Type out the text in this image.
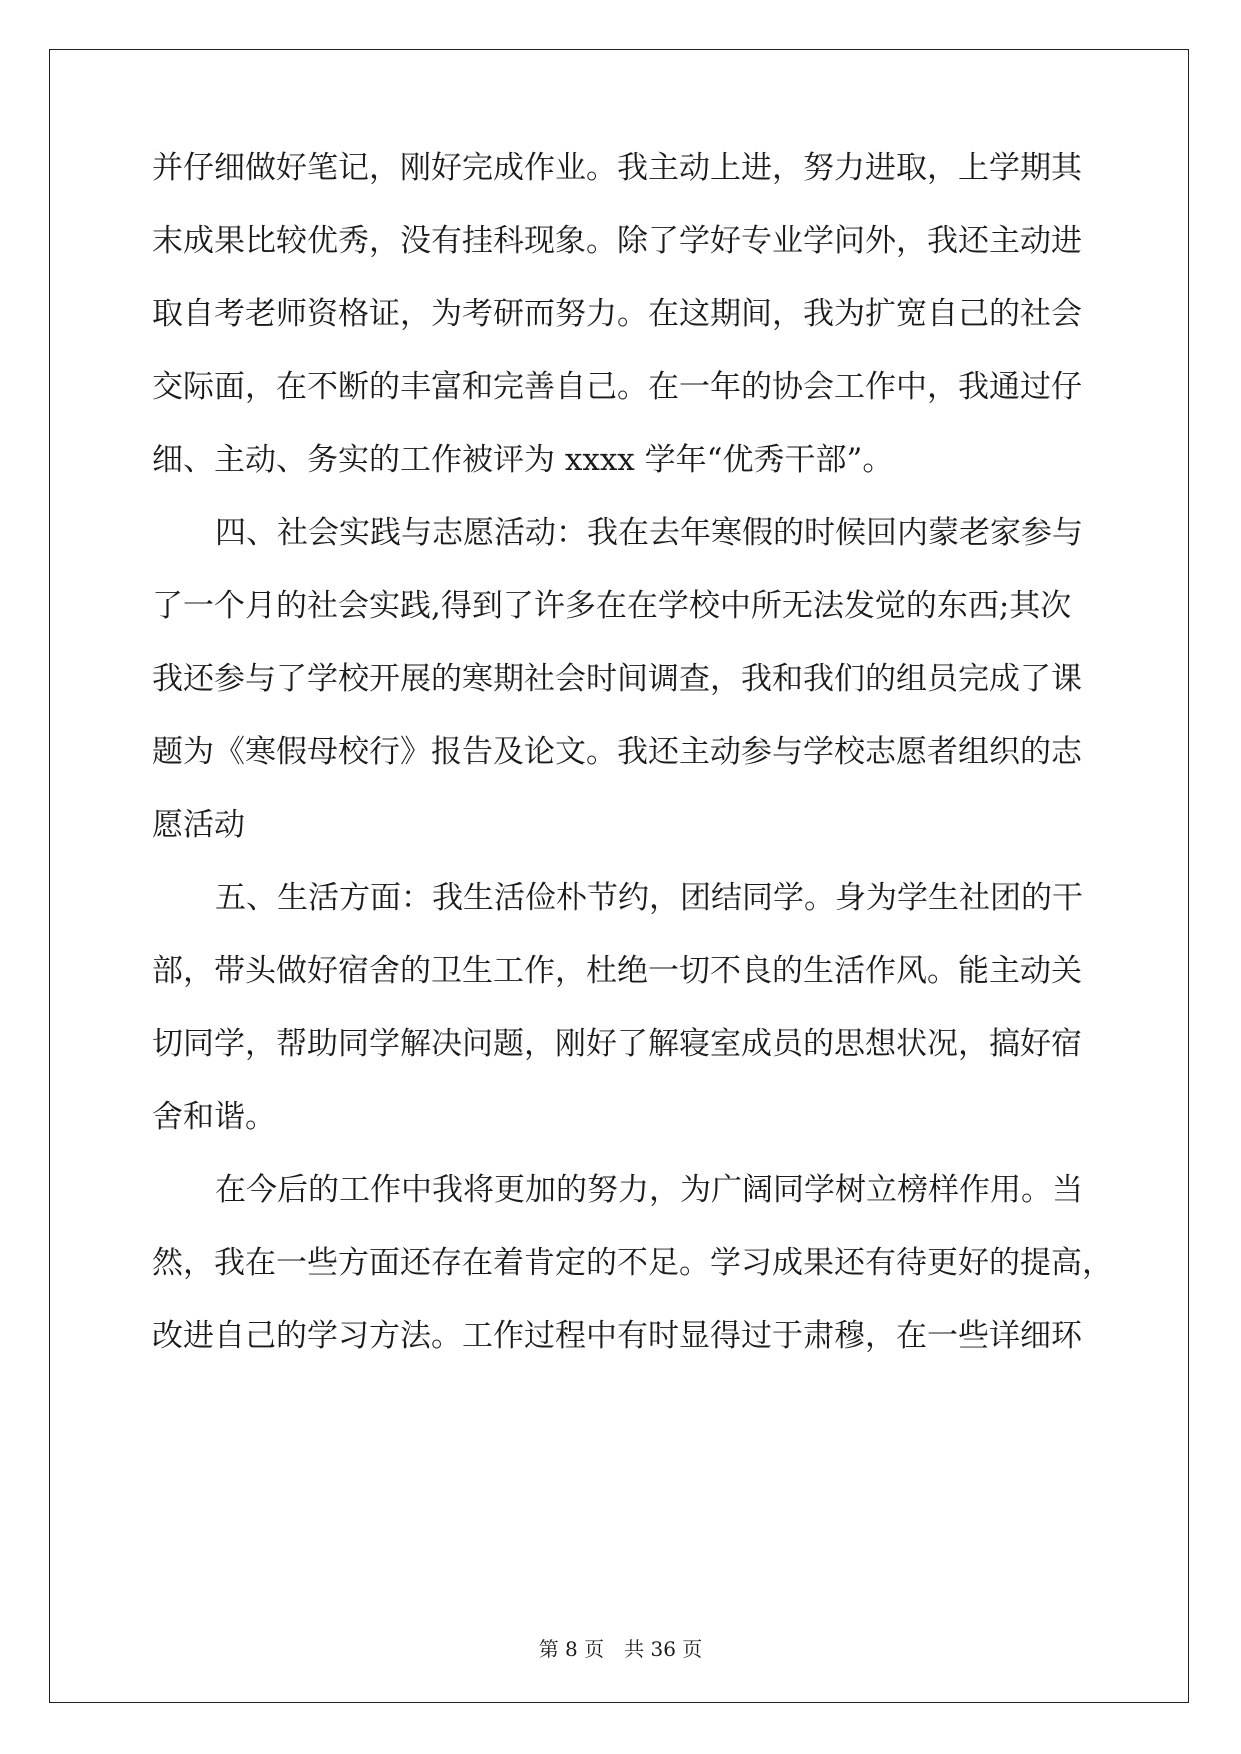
并仔细做好笔记，刚好完成作业。我主动上进，努力进取，上学期其
末成果比较优秀，没有挂科现象。除了学好专业学问外，我还主动进
取自考老师资格证，为考研而努力。在这期间，我为扩宽自己的社会
交际面，在不断的丰富和完善自己。在一年的协会工作中，我通过仔
细、主动、务实的工作被评为 xxxx 学年“优秀干部”。
四、社会实践与志愿活动：我在去年寒假的时候回内蒙老家参与
了一个月的社会实践,得到了许多在在学校中所无法发觉的东西;其次
我还参与了学校开展的寒期社会时间调查，我和我们的组员完成了课
题为《寒假母校行》报告及论文。我还主动参与学校志愿者组织的志
愿活动
五、生活方面：我生活俭朴节约，团结同学。身为学生社团的干
部，带头做好宿舍的卫生工作，杜绝一切不良的生活作风。能主动关
切同学，帮助同学解决问题，刚好了解寝室成员的思想状况，搞好宿
舍和谐。
在今后的工作中我将更加的努力，为广阔同学树立榜样作用。当
然，我在一些方面还存在着肯定的不足。学习成果还有待更好的提高，
改进自己的学习方法。工作过程中有时显得过于肃穆，在一些详细环
第 8 页　共 36 页
